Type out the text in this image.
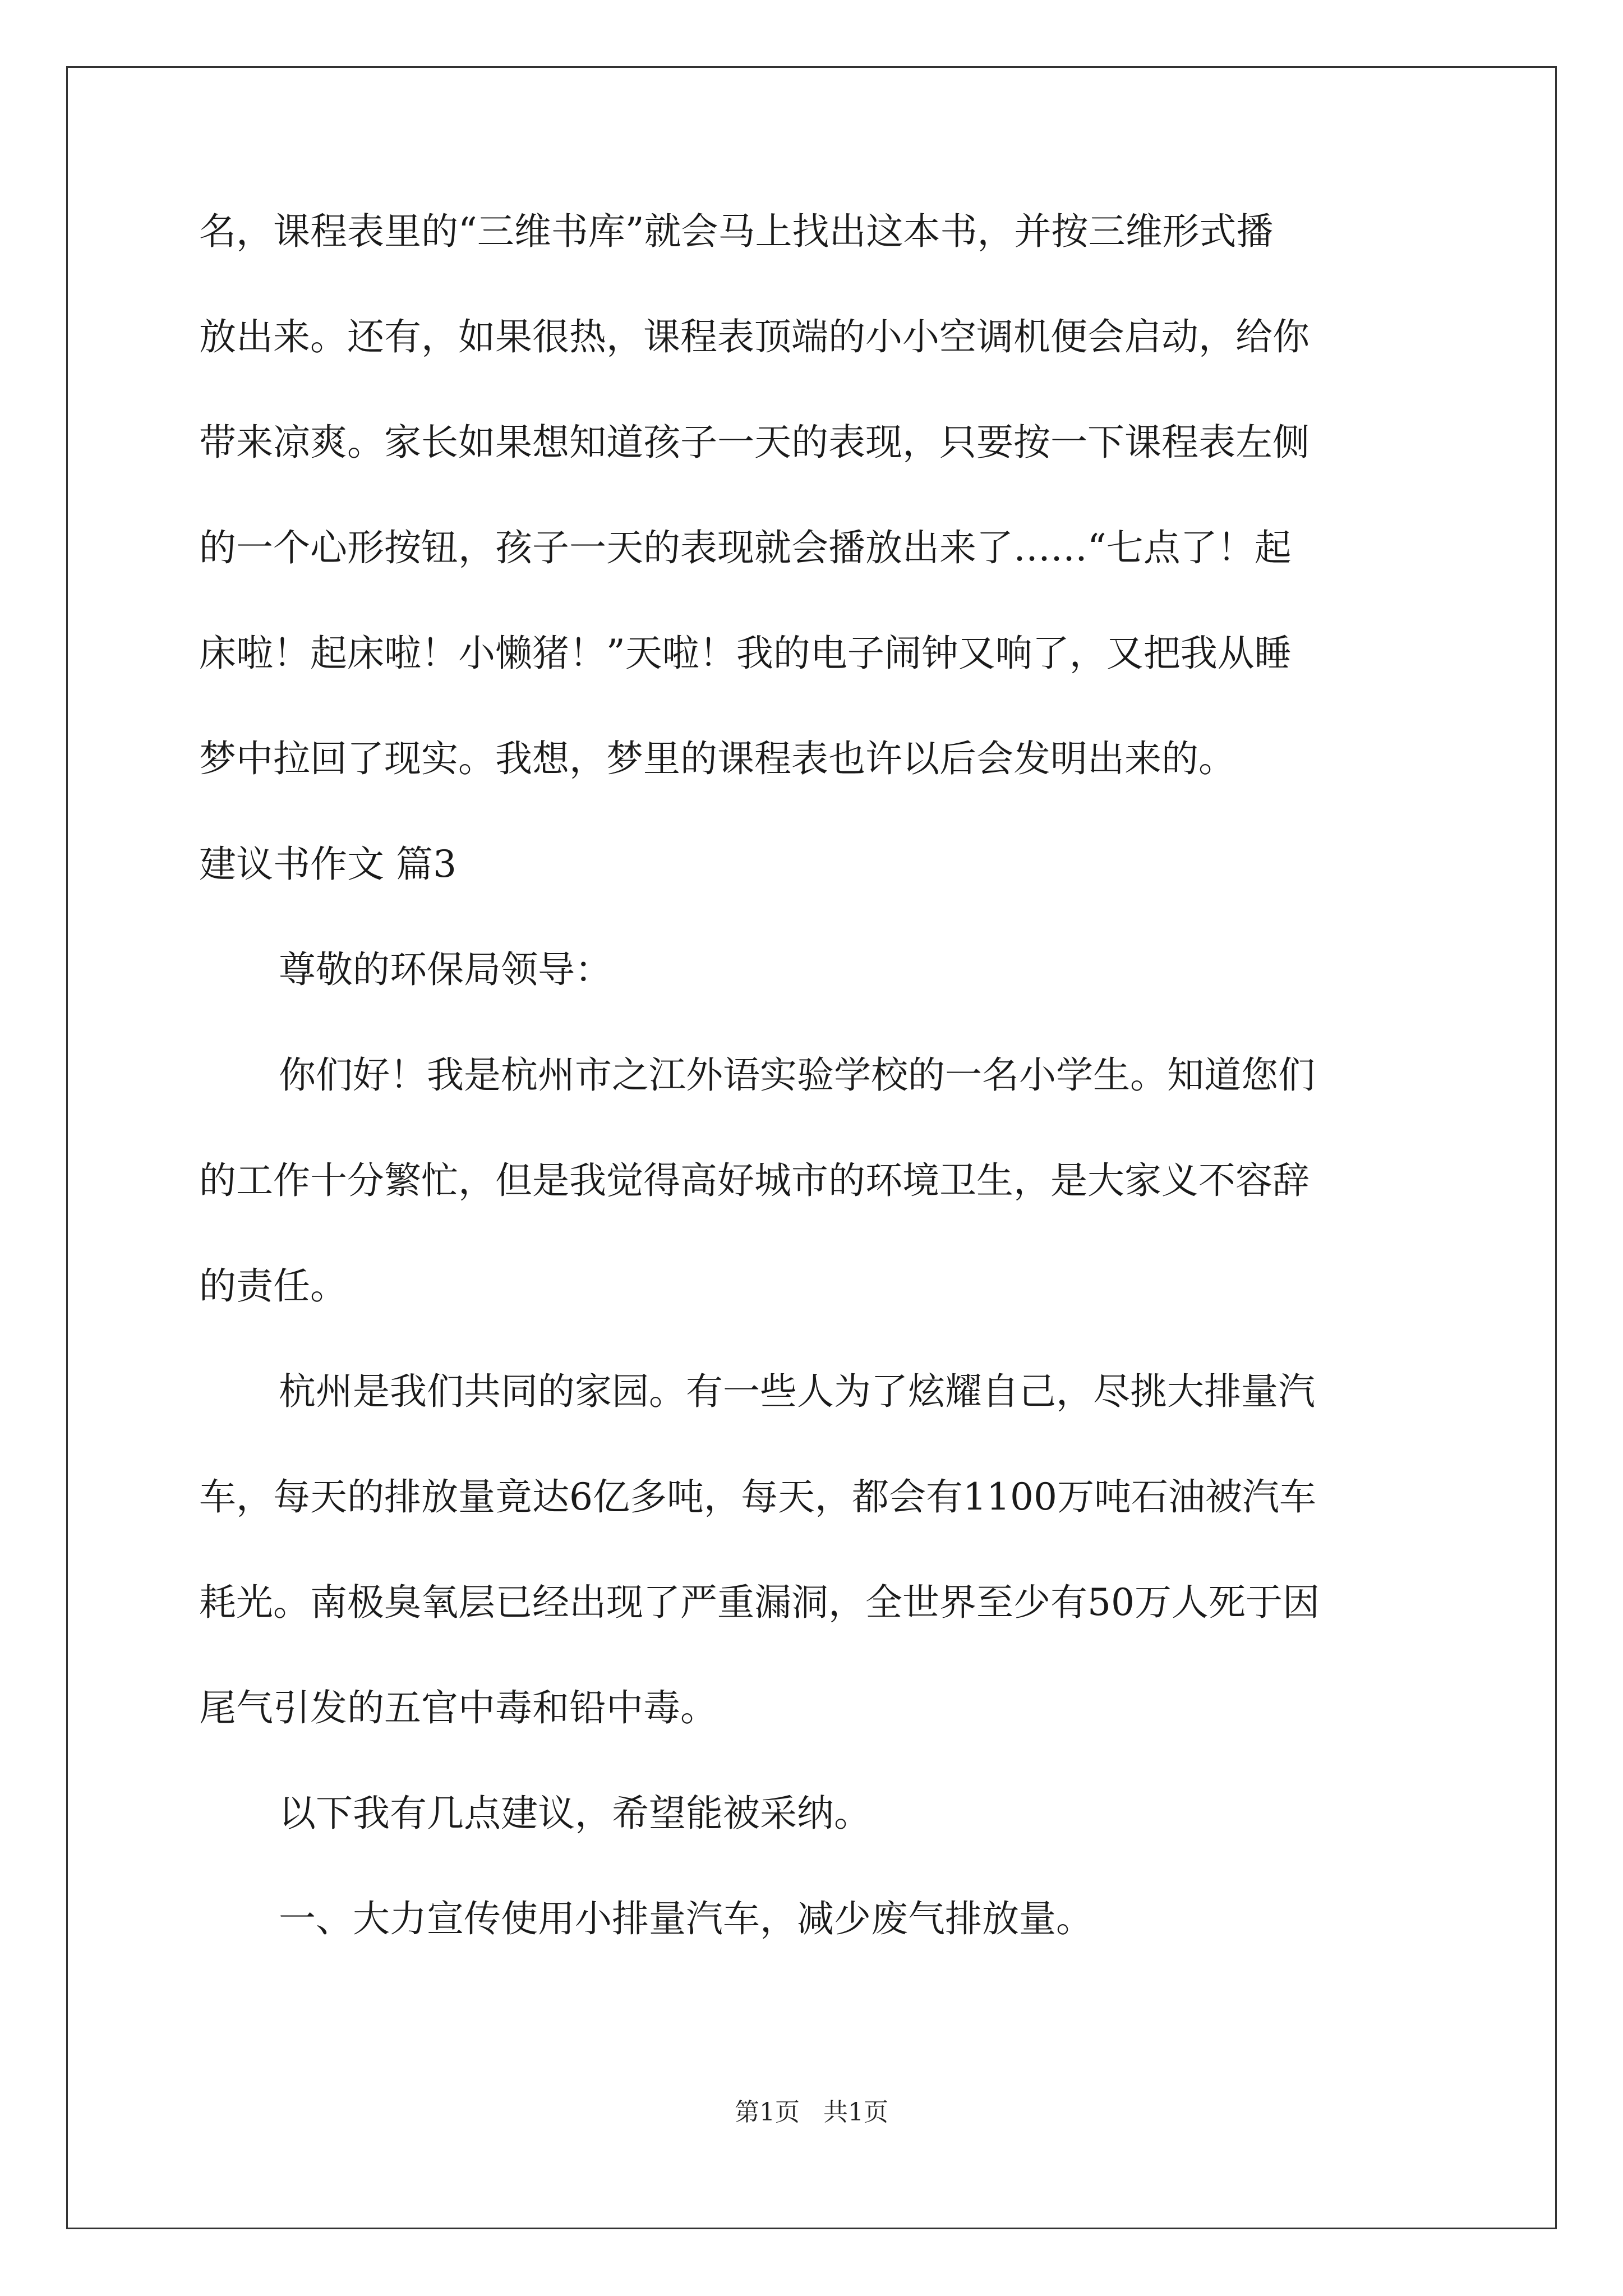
名，课程表里的“三维书库”就会马上找出这本书，并按三维形式播
放出来。还有，如果很热，课程表顶端的小小空调机便会启动，给你
带来凉爽。家长如果想知道孩子一天的表现，只要按一下课程表左侧
的一个心形按钮，孩子一天的表现就会播放出来了……“七点了！起
床啦！起床啦！小懒猪！”天啦！我的电子闹钟又响了，又把我从睡
梦中拉回了现实。我想，梦里的课程表也许以后会发明出来的。
建议书作文 篇3
尊敬的环保局领导：
你们好！我是杭州市之江外语实验学校的一名小学生。知道您们
的工作十分繁忙，但是我觉得高好城市的环境卫生，是大家义不容辞
的责任。
杭州是我们共同的家园。有一些人为了炫耀自己，尽挑大排量汽
车，每天的排放量竟达6亿多吨，每天，都会有1100万吨石油被汽车
耗光。南极臭氧层已经出现了严重漏洞，全世界至少有50万人死于因
尾气引发的五官中毒和铅中毒。
以下我有几点建议，希望能被采纳。
一、大力宣传使用小排量汽车，减少废气排放量。
第1页   共1页
